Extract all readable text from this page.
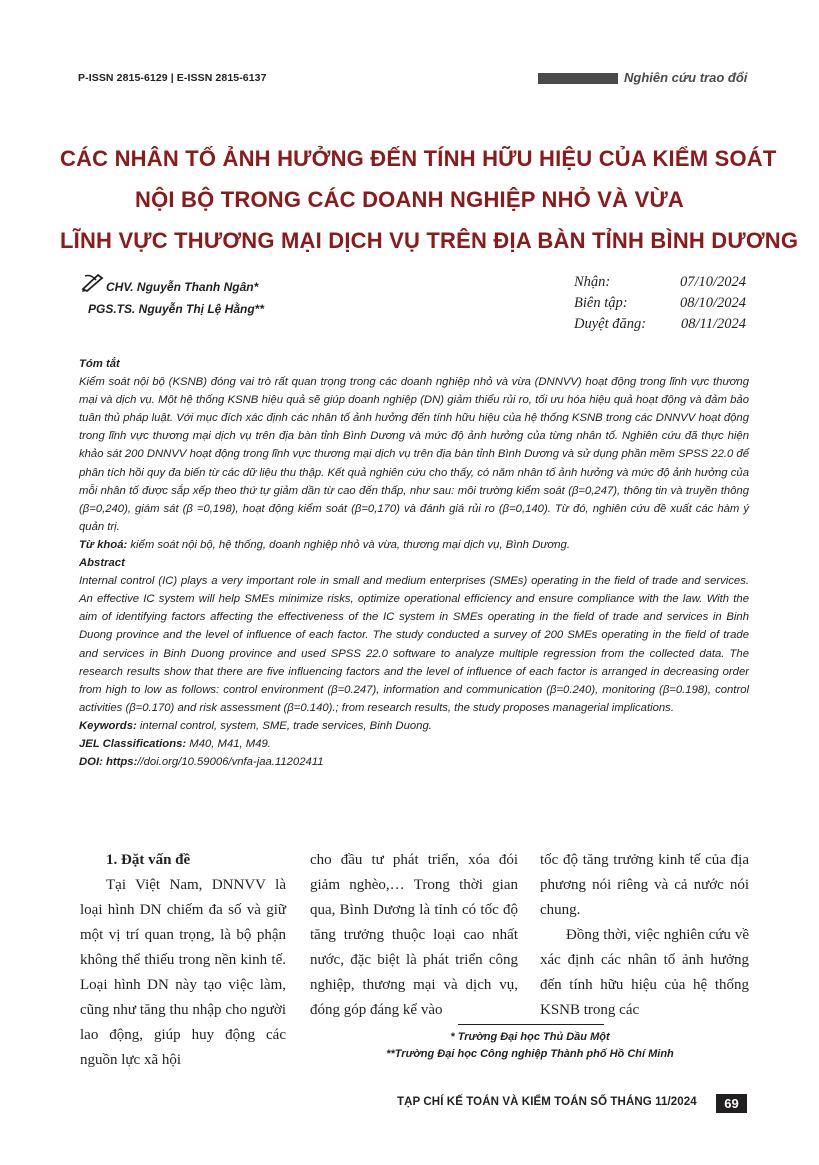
P-ISSN 2815-6129 | E-ISSN 2815-6137	Nghiên cứu trao đổi
CÁC NHÂN TỐ ẢNH HƯỞNG ĐẾN TÍNH HỮU HIỆU CỦA KIỂM SOÁT
NỘI BỘ TRONG CÁC DOANH NGHIỆP NHỎ VÀ VỪA
LĨNH VỰC THƯƠNG MẠI DỊCH VỤ TRÊN ĐỊA BÀN TỈNH BÌNH DƯƠNG
CHV. Nguyễn Thanh Ngân*
PGS.TS. Nguyễn Thị Lệ Hằng**
Nhận:	07/10/2024
Biên tập:	08/10/2024
Duyệt đăng: 08/11/2024

Tóm tắt

Kiểm soát nội bộ (KSNB) đóng vai trò rất quan trọng trong các doanh nghiệp nhỏ và vừa (DNNVV) hoạt động trong lĩnh vực thương mại và dịch vụ. Một hệ thống KSNB hiệu quả sẽ giúp doanh nghiệp (DN) giảm thiểu rủi ro, tối ưu hóa hiệu quả hoạt động và đảm bảo tuân thủ pháp luật. Với mục đích xác định các nhân tố ảnh hưởng đến tính hữu hiệu của hệ thống KSNB trong các DNNVV hoạt động trong lĩnh vực thương mại dịch vụ trên địa bàn tỉnh Bình Dương và mức độ ảnh hưởng của từng nhân tố. Nghiên cứu đã thực hiện khảo sát 200 DNNVV hoạt động trong lĩnh vực thương mại dịch vụ trên địa bàn tỉnh Bình Dương và sử dụng phần mềm SPSS 22.0 để phân tích hồi quy đa biến từ các dữ liệu thu thập. Kết quả nghiên cứu cho thấy, có năm nhân tố ảnh hưởng và mức độ ảnh hưởng của mỗi nhân tố được sắp xếp theo thứ tự giảm dần từ cao đến thấp, như sau: môi trường kiểm soát (β=0,247), thông tin và truyền thông (β=0,240), giám sát (β =0,198), hoạt động kiểm soát (β=0,170) và đánh giá rủi ro (β=0,140). Từ đó, nghiên cứu đề xuất các hàm ý quản trị.

Từ khoá: kiểm soát nội bộ, hệ thống, doanh nghiệp nhỏ và vừa, thương mại dịch vụ, Bình Dương.

Abstract

Internal control (IC) plays a very important role in small and medium enterprises (SMEs) operating in the field of trade and services. An effective IC system will help SMEs minimize risks, optimize operational efficiency and ensure compliance with the law. With the aim of identifying factors affecting the effectiveness of the IC system in SMEs operating in the field of trade and services in Binh Duong province and the level of influence of each factor. The study conducted a survey of 200 SMEs operating in the field of trade and services in Binh Duong province and used SPSS 22.0 software to analyze multiple regression from the collected data. The research results show that there are five influencing factors and the level of influence of each factor is arranged in decreasing order from high to low as follows: control environment (β=0.247), information and communication (β=0.240), monitoring (β=0.198), control activities (β=0.170) and risk assessment (β=0.140).; from research results, the study proposes managerial implications.

Keywords: internal control, system, SME, trade services, Binh Duong.

JEL Classifications: M40, M41, M49.

DOI: https://doi.org/10.59006/vnfa-jaa.11202411

1. Đặt vấn đề

Tại Việt Nam, DNNVV là loại hình DN chiếm đa số và giữ một vị trí quan trọng, là bộ phận không thể thiếu trong nền kinh tế. Loại hình DN này tạo việc làm, cũng như tăng thu nhập cho người lao động, giúp huy động các nguồn lực xã hội

cho đầu tư phát triển, xóa đói giảm nghèo,… Trong thời gian qua, Bình Dương là tỉnh có tốc độ tăng trưởng thuộc loại cao nhất nước, đặc biệt là phát triển công nghiệp, thương mại và dịch vụ, đóng góp đáng kể vào

tốc độ tăng trưởng kinh tế của địa phương nói riêng và cả nước nói chung.

Đồng thời, việc nghiên cứu về xác định các nhân tố ảnh hưởng đến tính hữu hiệu của hệ thống KSNB trong các

* Trường Đại học Thủ Dầu Một
**Trường Đại học Công nghiệp Thành phố Hồ Chí Minh
TẠP CHÍ KẾ TOÁN VÀ KIỂM TOÁN SỐ THÁNG 11/2024	69
